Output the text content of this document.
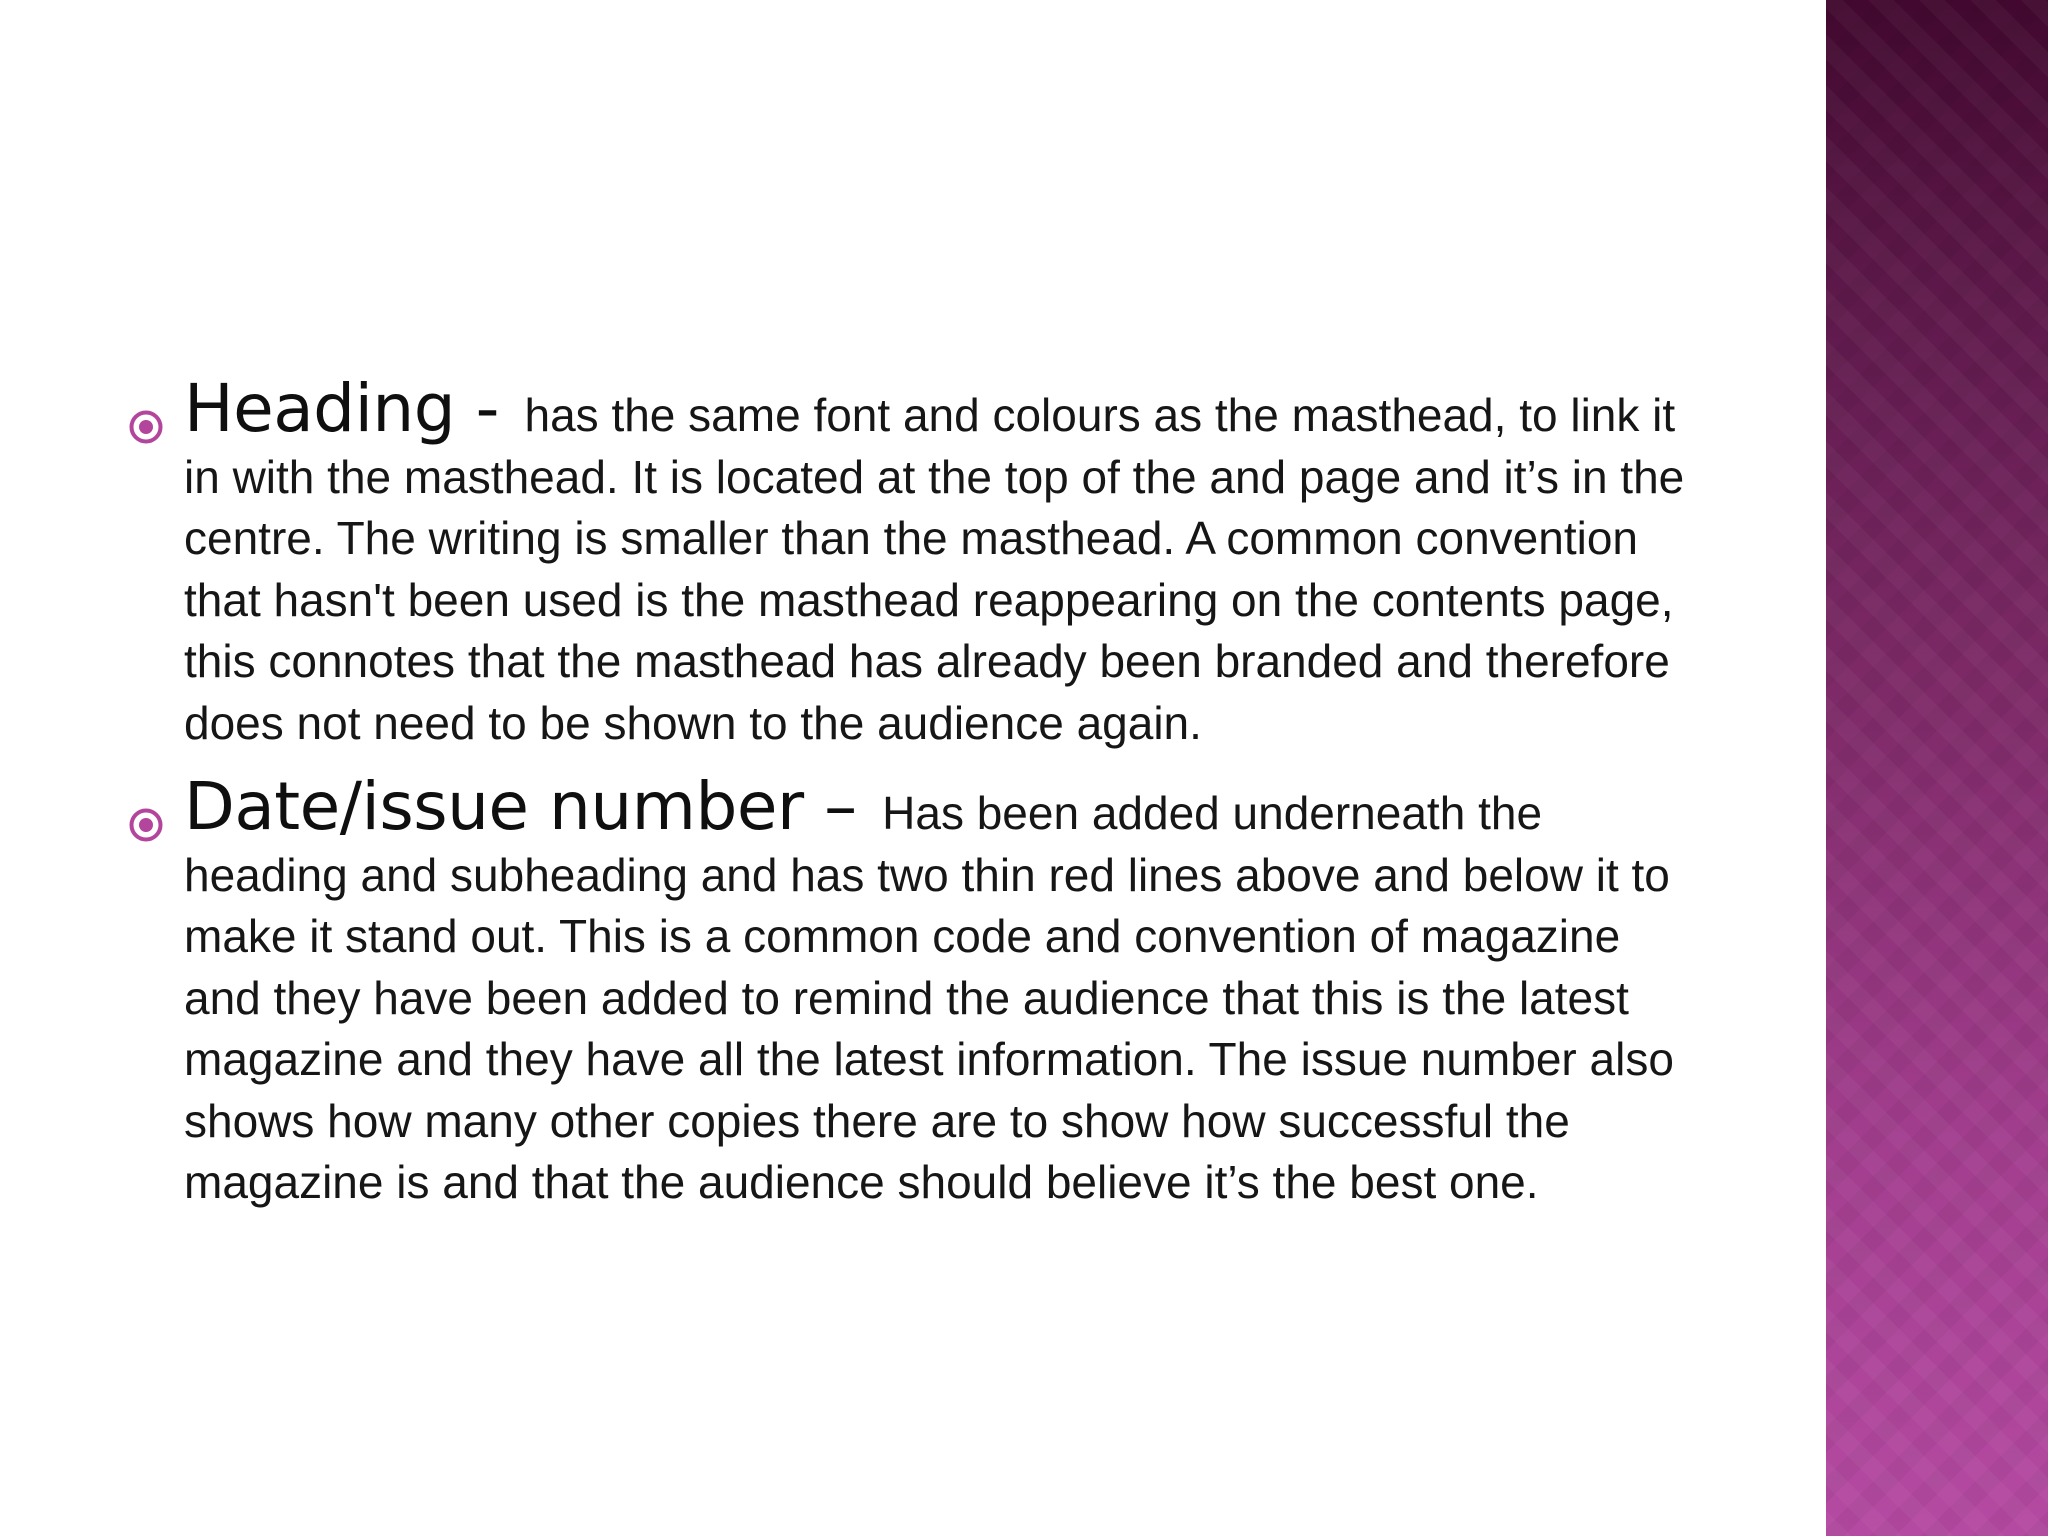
Heading - has the same font and colours as the masthead, to link it in with the masthead. It is located at the top of the and page and it’s in the centre. The writing is smaller than the masthead. A common convention that hasn't been used is the masthead reappearing on the contents page, this connotes that the masthead has already been branded and therefore does not need to be shown to the audience again.
Date/issue number – Has been added underneath the heading and subheading and has two thin red lines above and below it to make it stand out. This is a common code and convention of magazine and they have been added to remind the audience that this is the latest magazine and they have all the latest information. The issue number also shows how many other copies there are to show how successful the magazine is and that the audience should believe it’s the best one.
